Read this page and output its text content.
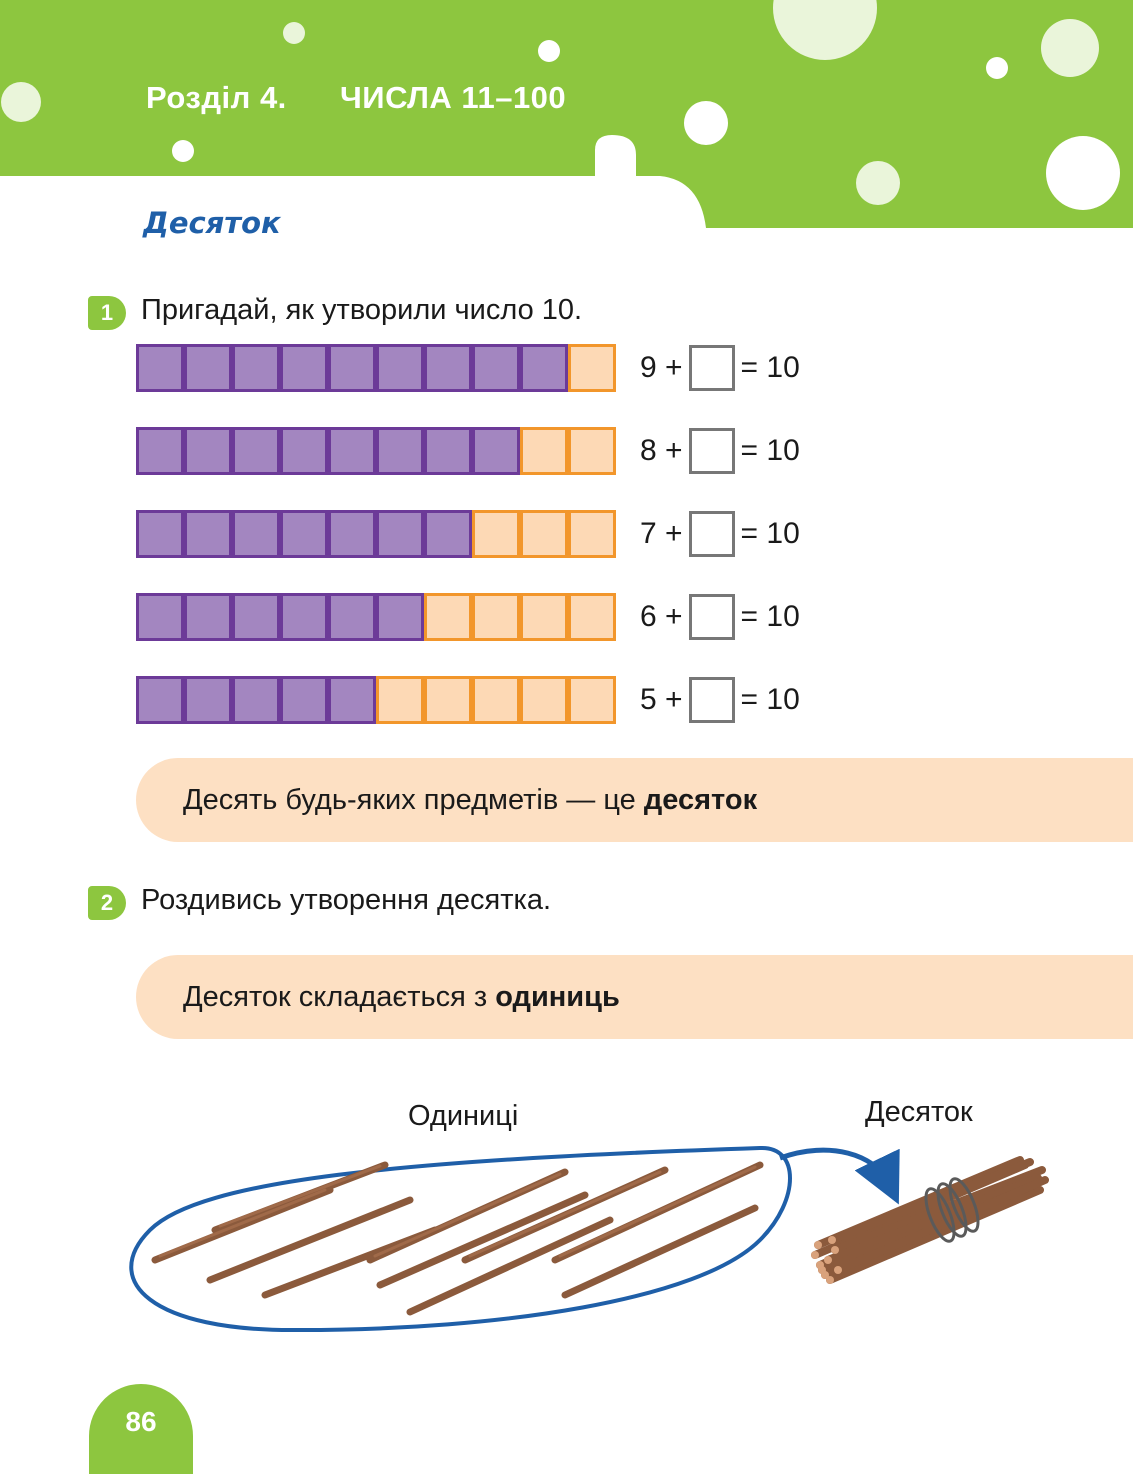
Розділ 4. ЧИСЛА 11–100
Десяток
1 Пригадай, як утворили число 10.
9 + = 10
8 + = 10
7 + = 10
6 + = 10
5 + = 10
Десять будь-яких предметів — це десяток
2 Роздивись утворення десятка.
Десяток складається з одиниць
Одиниці	Десяток
86
